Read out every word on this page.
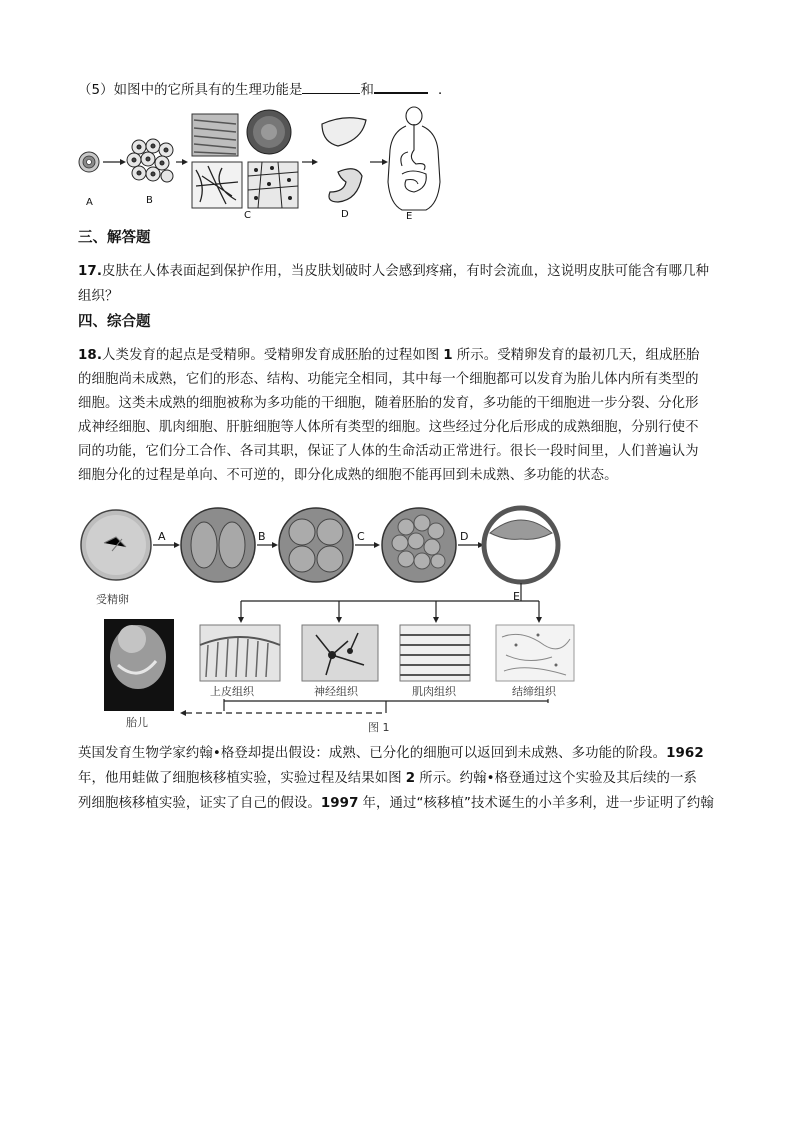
（5）如图中的它所具有的生理功能是	和	．
A	B
C	D	E
三、解答题
17.皮肤在人体表面起到保护作用，当皮肤划破时人会感到疼痛，有时会流血，这说明皮肤可能含有哪几种
组织？
四、综合题
18.人类发育的起点是受精卵。受精卵发育成胚胎的过程如图 1 所示。受精卵发育的最初几天，组成胚胎
的细胞尚未成熟，它们的形态、结构、功能完全相同，其中每一个细胞都可以发育为胎儿体内所有类型的
细胞。这类未成熟的细胞被称为多功能的干细胞，随着胚胎的发育，多功能的干细胞进一步分裂、分化形
成神经细胞、肌肉细胞、肝脏细胞等人体所有类型的细胞。这些经过分化后形成的成熟细胞，分别行使不
同的功能，它们分工合作、各司其职，保证了人体的生命活动正常进行。很长一段时间里，人们普遍认为
细胞分化的过程是单向、不可逆的，即分化成熟的细胞不能再回到未成熟、多功能的状态。
受精卵
A	B	C	D
E
胎儿
上皮组织	神经组织	肌肉组织	结缔组织
图 1
英国发育生物学家约翰•格登却提出假设：成熟、已分化的细胞可以返回到未成熟、多功能的阶段。1962
年，他用蛙做了细胞核移植实验，实验过程及结果如图 2 所示。约翰•格登通过这个实验及其后续的一系
列细胞核移植实验，证实了自己的假设。1997 年，通过“核移植”技术诞生的小羊多利，进一步证明了约翰
